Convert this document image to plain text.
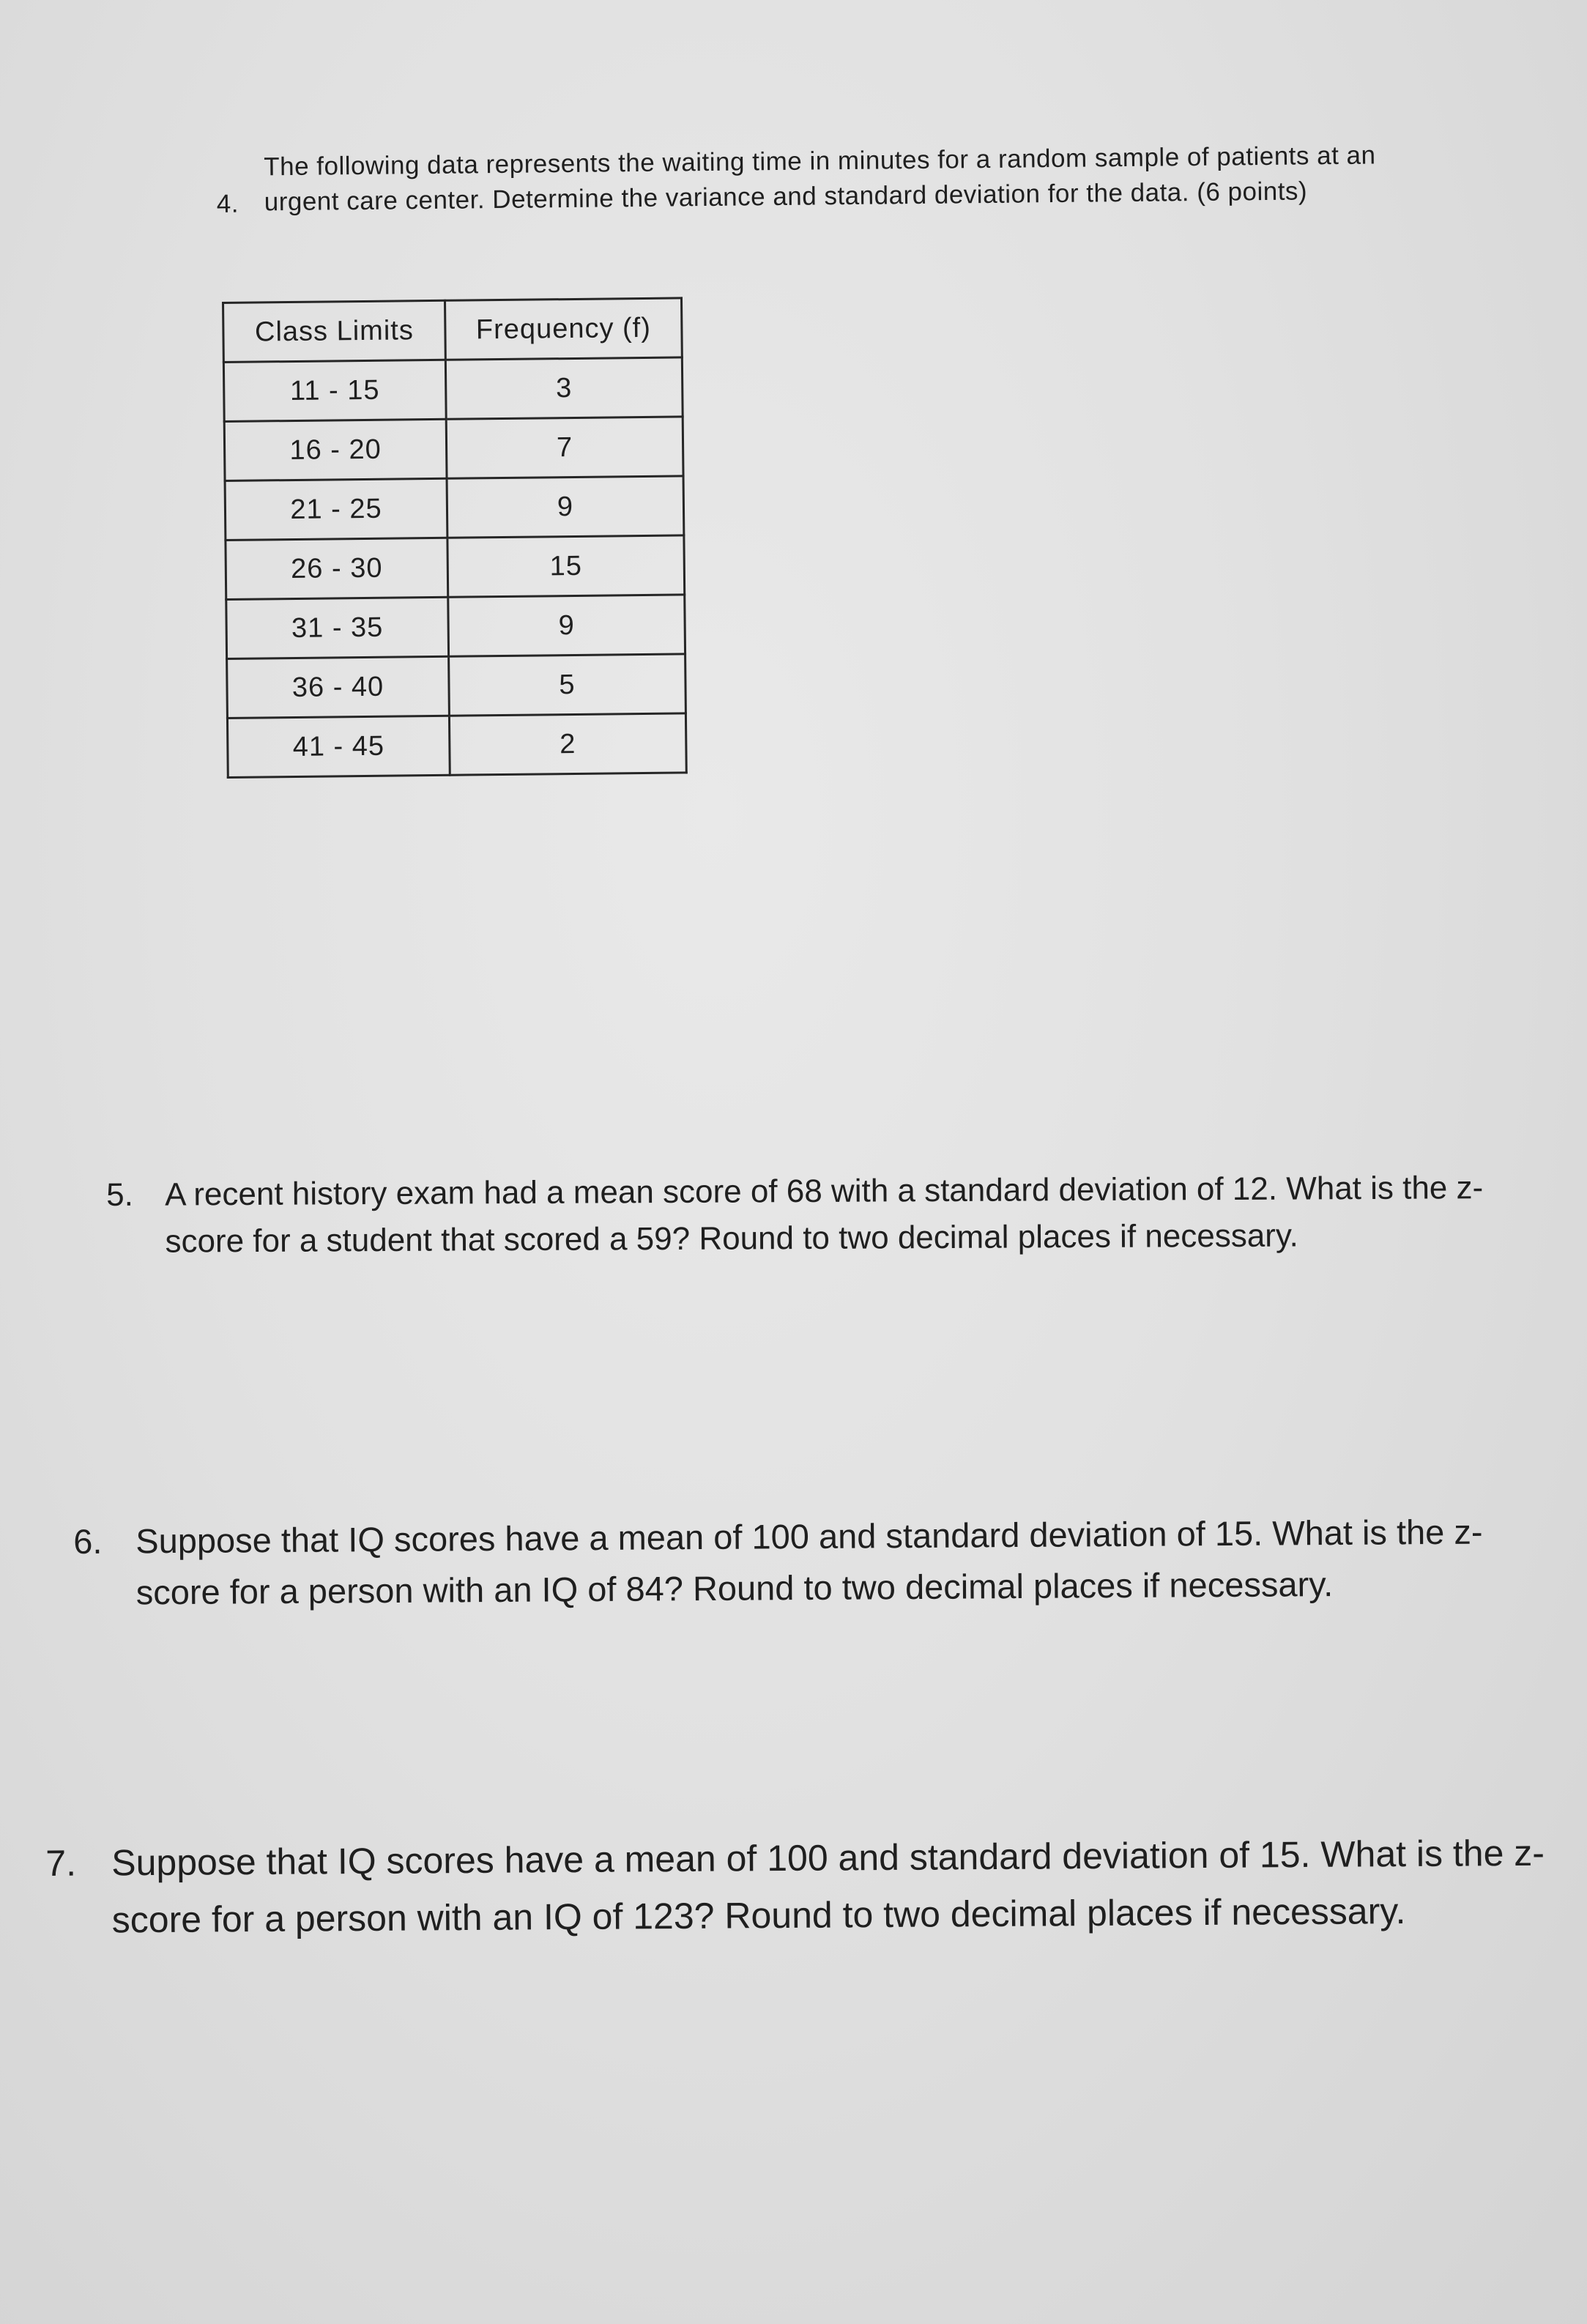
4.
The following data represents the waiting time in minutes for a random sample of patients at an urgent care center. Determine the variance and standard deviation for the data. (6 points)
Class Limits	Frequency (f)
11 - 15	3
16 - 20	7
21 - 25	9
26 - 30	15
31 - 35	9
36 - 40	5
41 - 45	2
5. A recent history exam had a mean score of 68 with a standard deviation of 12. What is the z-score for a student that scored a 59? Round to two decimal places if necessary.
6. Suppose that IQ scores have a mean of 100 and standard deviation of 15. What is the z-score for a person with an IQ of 84? Round to two decimal places if necessary.
7. Suppose that IQ scores have a mean of 100 and standard deviation of 15. What is the z-score for a person with an IQ of 123? Round to two decimal places if necessary.
